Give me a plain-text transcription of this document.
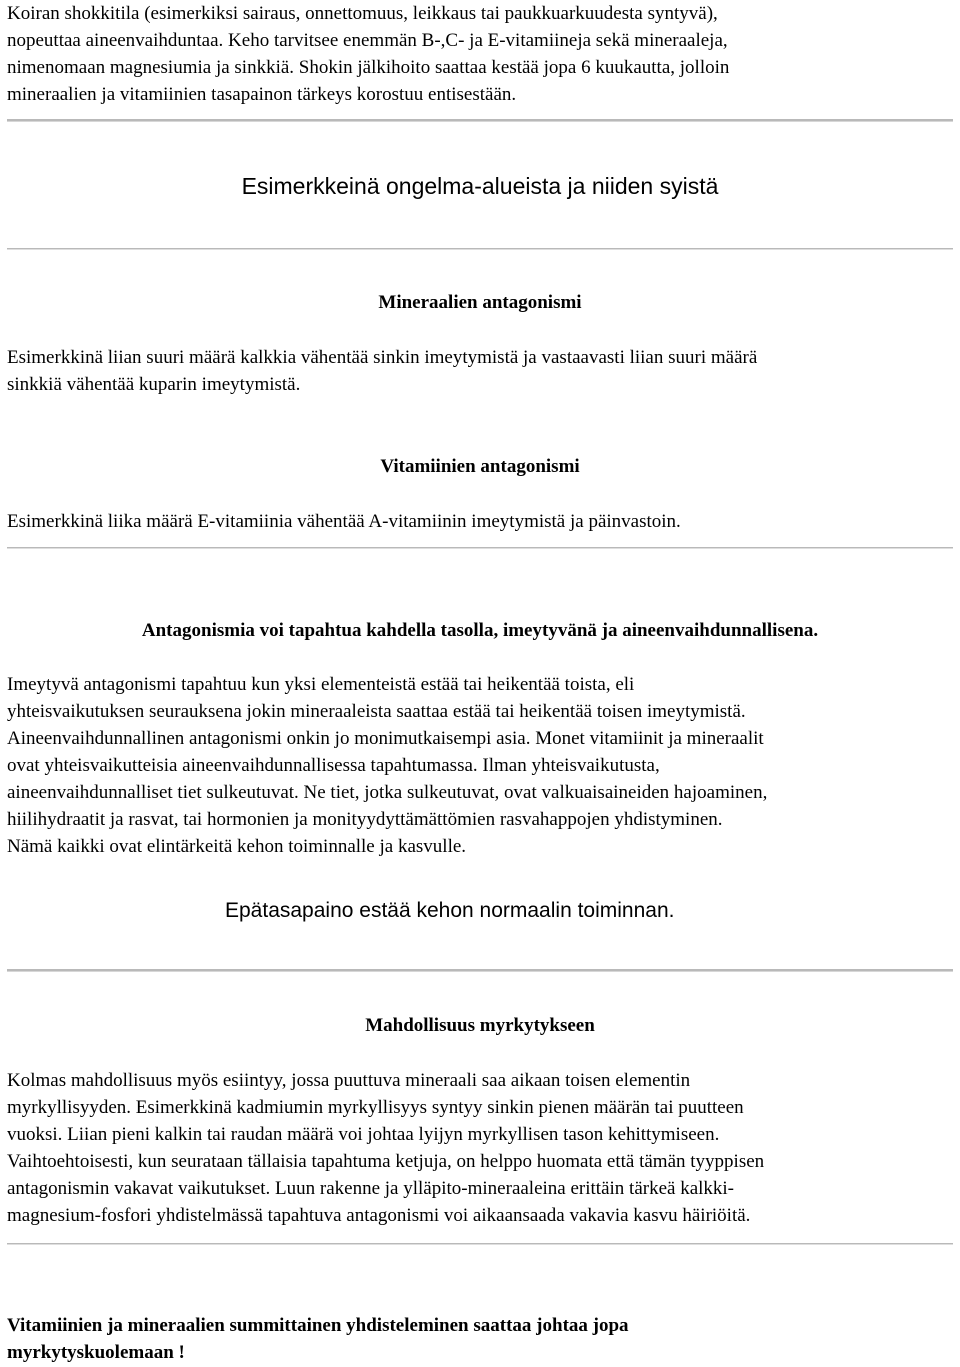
Koiran shokkitila (esimerkiksi sairaus, onnettomuus, leikkaus tai paukkuarkuudesta syntyvä),
nopeuttaa aineenvaihduntaa. Keho tarvitsee enemmän B-,C- ja E-vitamiineja sekä mineraaleja,
nimenomaan magnesiumia ja sinkkiä. Shokin jälkihoito saattaa kestää jopa 6 kuukautta, jolloin
mineraalien ja vitamiinien tasapainon tärkeys korostuu entisestään.

Esimerkkeinä ongelma-alueista ja niiden syistä
Mineraalien antagonismi

Esimerkkinä liian suuri määrä kalkkia vähentää sinkin imeytymistä ja vastaavasti liian suuri määrä
sinkkiä vähentää kuparin imeytymistä.

Vitamiinien antagonismi

Esimerkkinä liika määrä E-vitamiinia vähentää A-vitamiinin imeytymistä ja päinvastoin.

Antagonismia voi tapahtua kahdella tasolla, imeytyvänä ja aineenvaihdunnallisena.

Imeytyvä antagonismi tapahtuu kun yksi elementeistä estää tai heikentää toista, eli
yhteisvaikutuksen seurauksena jokin mineraaleista saattaa estää tai heikentää toisen imeytymistä.
Aineenvaihdunnallinen antagonismi onkin jo monimutkaisempi asia. Monet vitamiinit ja mineraalit
ovat yhteisvaikutteisia aineenvaihdunnallisessa tapahtumassa. Ilman yhteisvaikutusta,
aineenvaihdunnalliset tiet sulkeutuvat. Ne tiet, jotka sulkeutuvat, ovat valkuaisaineiden hajoaminen,
hiilihydraatit ja rasvat, tai hormonien ja monityydyttämättömien rasvahappojen yhdistyminen.
Nämä kaikki ovat elintärkeitä kehon toiminnalle ja kasvulle.

Epätasapaino estää kehon normaalin toiminnan.
Mahdollisuus myrkytykseen

Kolmas mahdollisuus myös esiintyy, jossa puuttuva mineraali saa aikaan toisen elementin
myrkyllisyyden. Esimerkkinä kadmiumin myrkyllisyys syntyy sinkin pienen määrän tai puutteen
vuoksi. Liian pieni kalkin tai raudan määrä voi johtaa lyijyn myrkyllisen tason kehittymiseen.
Vaihtoehtoisesti, kun seurataan tällaisia tapahtuma ketjuja, on helppo huomata että tämän tyyppisen
antagonismin vakavat vaikutukset. Luun rakenne ja ylläpito-mineraaleina erittäin tärkeä kalkki-
magnesium-fosfori yhdistelmässä tapahtuva antagonismi voi aikaansaada vakavia kasvu häiriöitä.

Vitamiinien ja mineraalien summittainen yhdisteleminen saattaa johtaa jopa
myrkytyskuolemaan !
